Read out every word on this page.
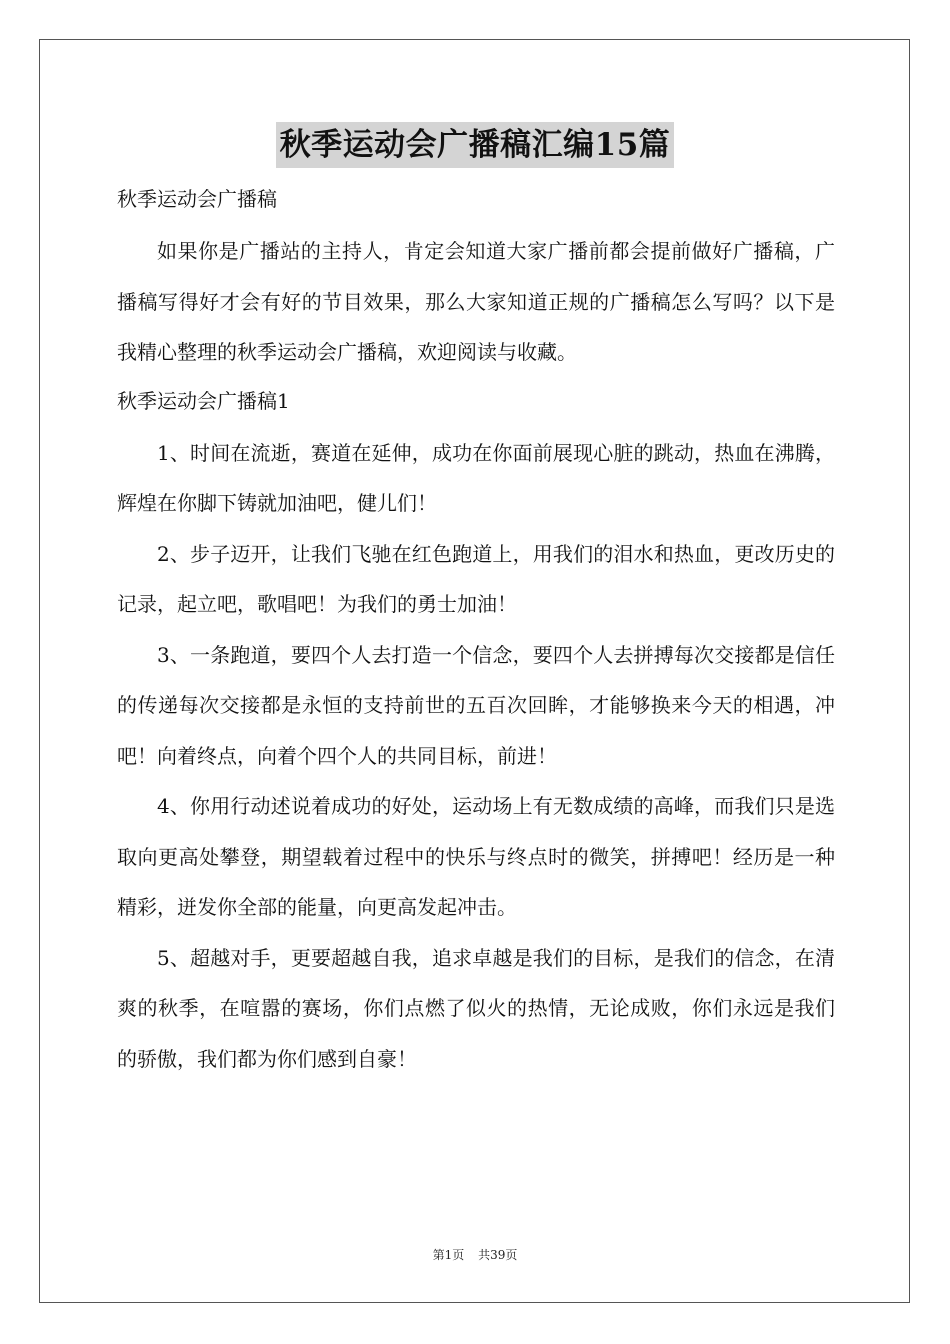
秋季运动会广播稿汇编15篇
秋季运动会广播稿

如果你是广播站的主持人，肯定会知道大家广播前都会提前做好广播稿，广播稿写得好才会有好的节目效果，那么大家知道正规的广播稿怎么写吗？以下是我精心整理的秋季运动会广播稿，欢迎阅读与收藏。

秋季运动会广播稿1

1、时间在流逝，赛道在延伸，成功在你面前展现心脏的跳动，热血在沸腾，辉煌在你脚下铸就加油吧，健儿们！

2、步子迈开，让我们飞驰在红色跑道上，用我们的泪水和热血，更改历史的记录，起立吧，歌唱吧！为我们的勇士加油！

3、一条跑道，要四个人去打造一个信念，要四个人去拼搏每次交接都是信任的传递每次交接都是永恒的支持前世的五百次回眸，才能够换来今天的相遇，冲吧！向着终点，向着个四个人的共同目标，前进！

4、你用行动述说着成功的好处，运动场上有无数成绩的高峰，而我们只是选取向更高处攀登，期望载着过程中的快乐与终点时的微笑，拼搏吧！经历是一种精彩，迸发你全部的能量，向更高发起冲击。

5、超越对手，更要超越自我，追求卓越是我们的目标，是我们的信念，在清爽的秋季，在喧嚣的赛场，你们点燃了似火的热情，无论成败，你们永远是我们的骄傲，我们都为你们感到自豪！

第1页 共39页
